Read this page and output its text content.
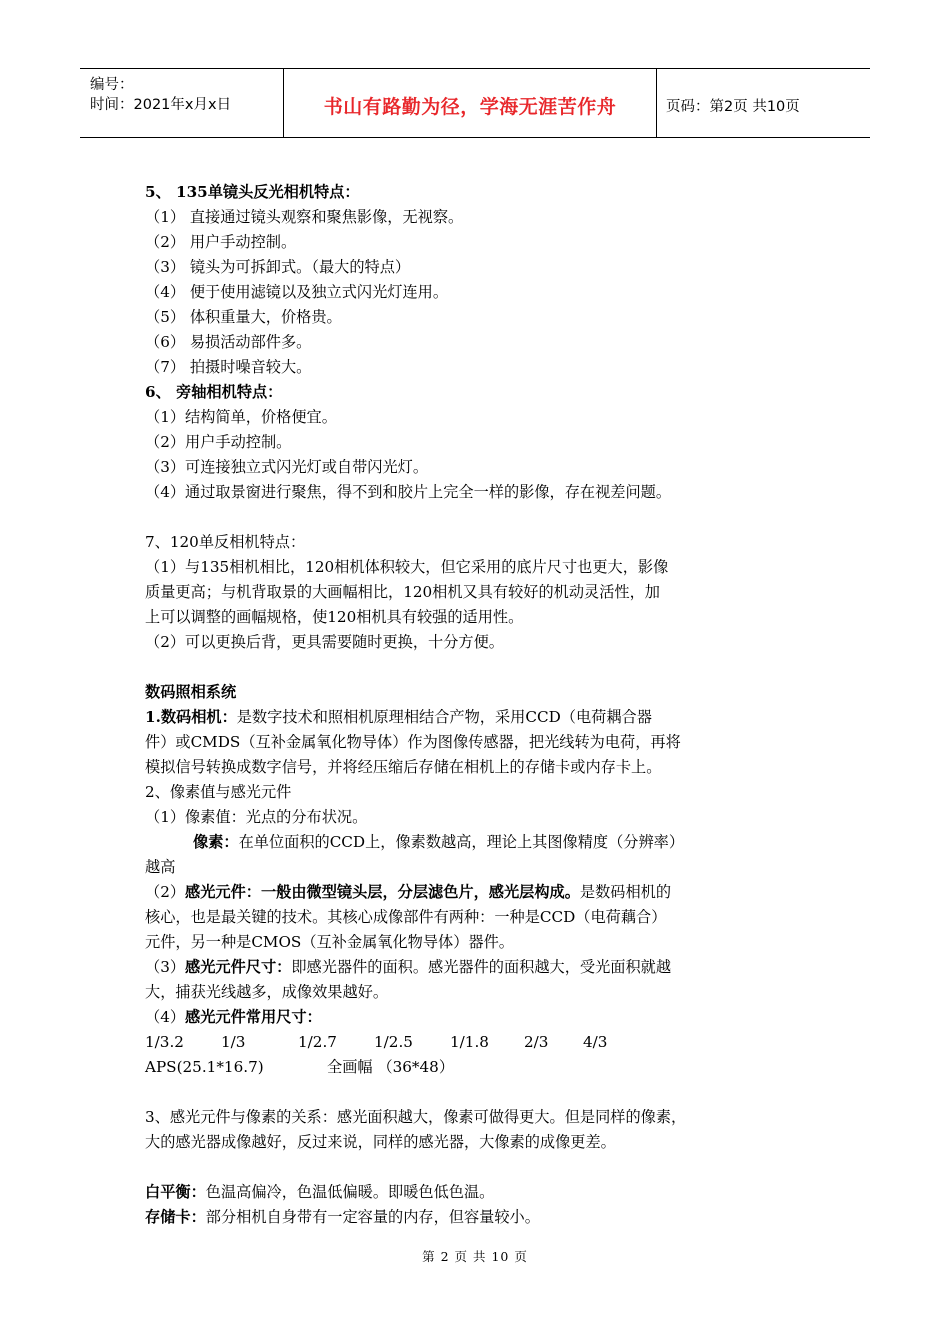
编号：
时间：2021年x月x日	书山有路勤为径，学海无涯苦作舟	页码：第2页 共10页
5、 135单镜头反光相机特点：
（1） 直接通过镜头观察和聚焦影像，无视察。
（2） 用户手动控制。
（3） 镜头为可拆卸式。（最大的特点）
（4） 便于使用滤镜以及独立式闪光灯连用。
（5） 体积重量大，价格贵。
（6） 易损活动部件多。
（7） 拍摄时噪音较大。
6、 旁轴相机特点：
（1）结构简单，价格便宜。
（2）用户手动控制。
（3）可连接独立式闪光灯或自带闪光灯。
（4）通过取景窗进行聚焦，得不到和胶片上完全一样的影像，存在视差问题。
7、120单反相机特点：
（1）与135相机相比，120相机体积较大，但它采用的底片尺寸也更大，影像
质量更高；与机背取景的大画幅相比，120相机又具有较好的机动灵活性，加
上可以调整的画幅规格，使120相机具有较强的适用性。
（2）可以更换后背，更具需要随时更换，十分方便。
数码照相系统
1.数码相机：是数字技术和照相机原理相结合产物，采用CCD（电荷耦合器
件）或CMDS（互补金属氧化物导体）作为图像传感器，把光线转为电荷，再将
模拟信号转换成数字信号，并将经压缩后存储在相机上的存储卡或内存卡上。
2、像素值与感光元件
（1）像素值：光点的分布状况。
像素：在单位面积的CCD上，像素数越高，理论上其图像精度（分辨率）
越高
（2）感光元件：一般由微型镜头层，分层滤色片，感光层构成。是数码相机的
核心，也是最关键的技术。其核心成像部件有两种：一种是CCD（电荷藕合）
元件，另一种是CMOS（互补金属氧化物导体）器件。
（3）感光元件尺寸：即感光器件的面积。感光器件的面积越大，受光面积就越
大，捕获光线越多，成像效果越好。
（4）感光元件常用尺寸：
1/3.2 1/3	1/2.7 1/2.5 1/1.8 2/3 4/3
APS(25.1*16.7)	全画幅 （36*48）
3、感光元件与像素的关系：感光面积越大，像素可做得更大。但是同样的像素，
大的感光器成像越好，反过来说，同样的感光器，大像素的成像更差。
白平衡：色温高偏冷，色温低偏暖。即暖色低色温。
存储卡：部分相机自身带有一定容量的内存，但容量较小。
第 2 页 共 10 页
